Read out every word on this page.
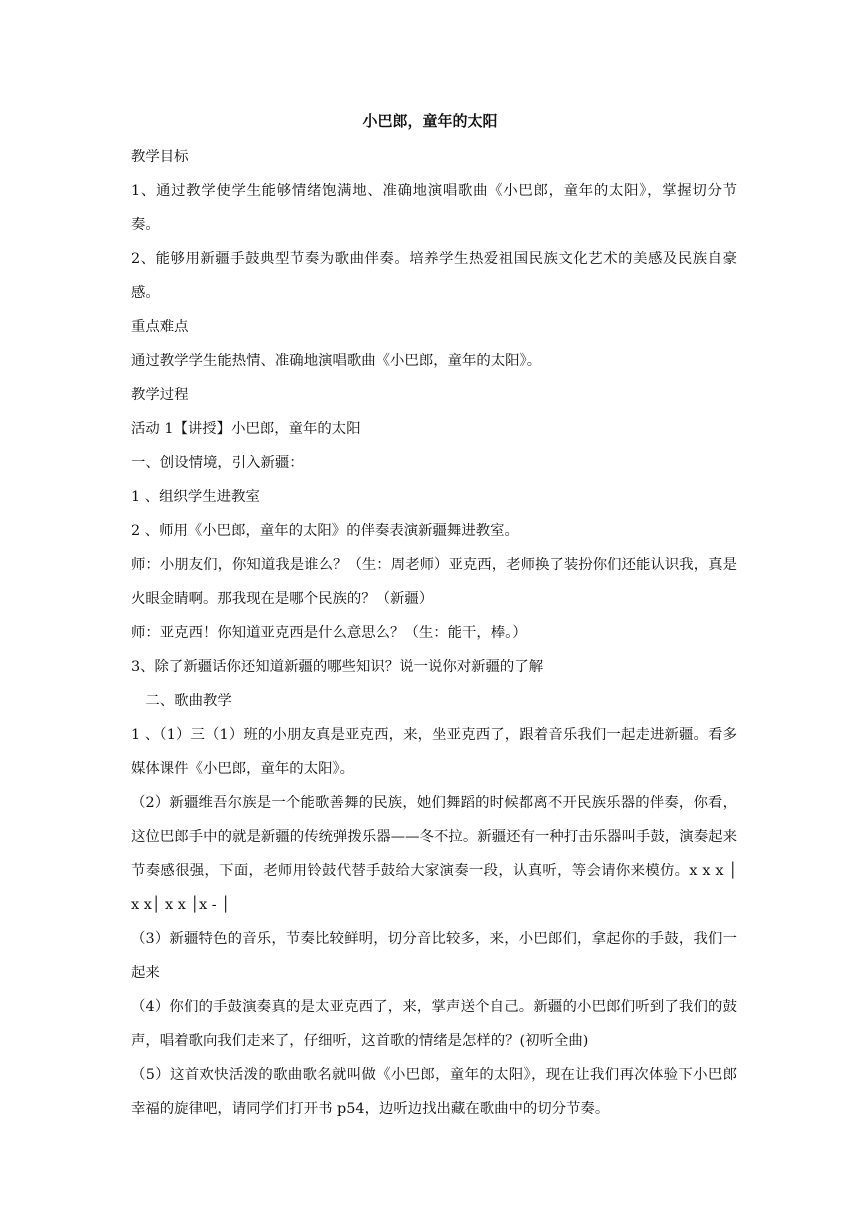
小巴郎，童年的太阳
教学目标
1、通过教学使学生能够情绪饱满地、准确地演唱歌曲《小巴郎，童年的太阳》，掌握切分节奏。
2、能够用新疆手鼓典型节奏为歌曲伴奏。培养学生热爱祖国民族文化艺术的美感及民族自豪感。
重点难点
通过教学学生能热情、准确地演唱歌曲《小巴郎，童年的太阳》。
教学过程
活动 1【讲授】小巴郎，童年的太阳
一、创设情境，引入新疆：
1 、组织学生进教室
2 、师用《小巴郎，童年的太阳》的伴奏表演新疆舞进教室。
师：小朋友们，你知道我是谁么？（生：周老师）亚克西，老师换了装扮你们还能认识我，真是火眼金睛啊。那我现在是哪个民族的？（新疆）
师：亚克西！你知道亚克西是什么意思么？（生：能干，棒。）
3、除了新疆话你还知道新疆的哪些知识？说一说你对新疆的了解
　二、歌曲教学
1 、（1）三（1）班的小朋友真是亚克西，来，坐亚克西了，跟着音乐我们一起走进新疆。看多媒体课件《小巴郎，童年的太阳》。
（2）新疆维吾尔族是一个能歌善舞的民族，她们舞蹈的时候都离不开民族乐器的伴奏，你看，这位巴郎手中的就是新疆的传统弹拨乐器——冬不拉。新疆还有一种打击乐器叫手鼓，演奏起来节奏感很强，下面，老师用铃鼓代替手鼓给大家演奏一段，认真听，等会请你来模仿。x x x │ x x│ x x │x - │
（3）新疆特色的音乐，节奏比较鲜明，切分音比较多，来，小巴郎们，拿起你的手鼓，我们一起来
（4）你们的手鼓演奏真的是太亚克西了，来，掌声送个自己。新疆的小巴郎们听到了我们的鼓声，唱着歌向我们走来了，仔细听，这首歌的情绪是怎样的？(初听全曲)
（5）这首欢快活泼的歌曲歌名就叫做《小巴郎，童年的太阳》，现在让我们再次体验下小巴郎幸福的旋律吧，请同学们打开书 p54，边听边找出藏在歌曲中的切分节奏。
